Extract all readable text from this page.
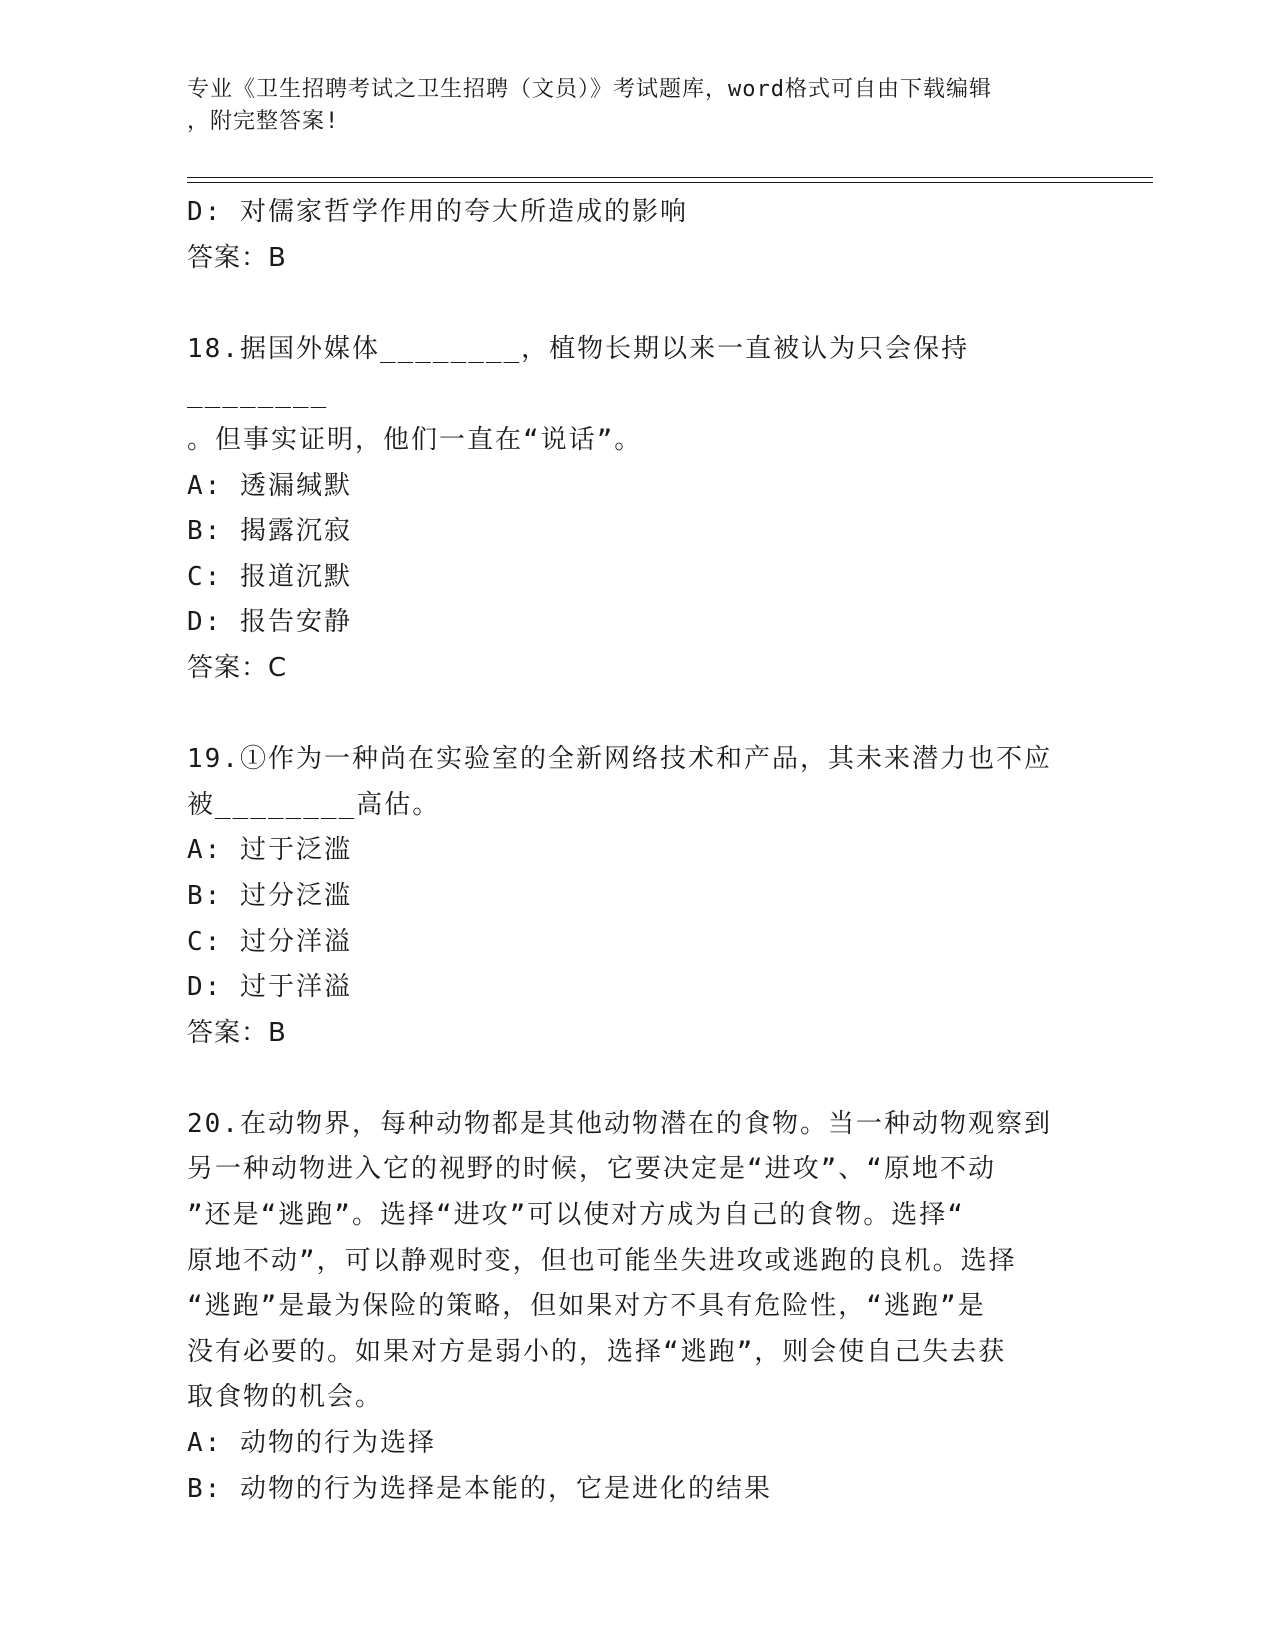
专业《卫生招聘考试之卫生招聘（文员）》考试题库，word格式可自由下载编辑
，附完整答案!
D: 对儒家哲学作用的夸大所造成的影响
答案：B
18.据国外媒体________，植物长期以来一直被认为只会保持________
。但事实证明，他们一直在“说话”。
A: 透漏缄默
B: 揭露沉寂
C: 报道沉默
D: 报告安静
答案：C
19.①作为一种尚在实验室的全新网络技术和产品，其未来潜力也不应
被________高估。
A: 过于泛滥
B: 过分泛滥
C: 过分洋溢
D: 过于洋溢
答案：B
20.在动物界，每种动物都是其他动物潜在的食物。当一种动物观察到
另一种动物进入它的视野的时候，它要决定是“进攻”、“原地不动
”还是“逃跑”。选择“进攻”可以使对方成为自己的食物。选择“
原地不动”，可以静观时变，但也可能坐失进攻或逃跑的良机。选择
“逃跑”是最为保险的策略，但如果对方不具有危险性，“逃跑”是
没有必要的。如果对方是弱小的，选择“逃跑”，则会使自己失去获
取食物的机会。
A: 动物的行为选择
B: 动物的行为选择是本能的，它是进化的结果
